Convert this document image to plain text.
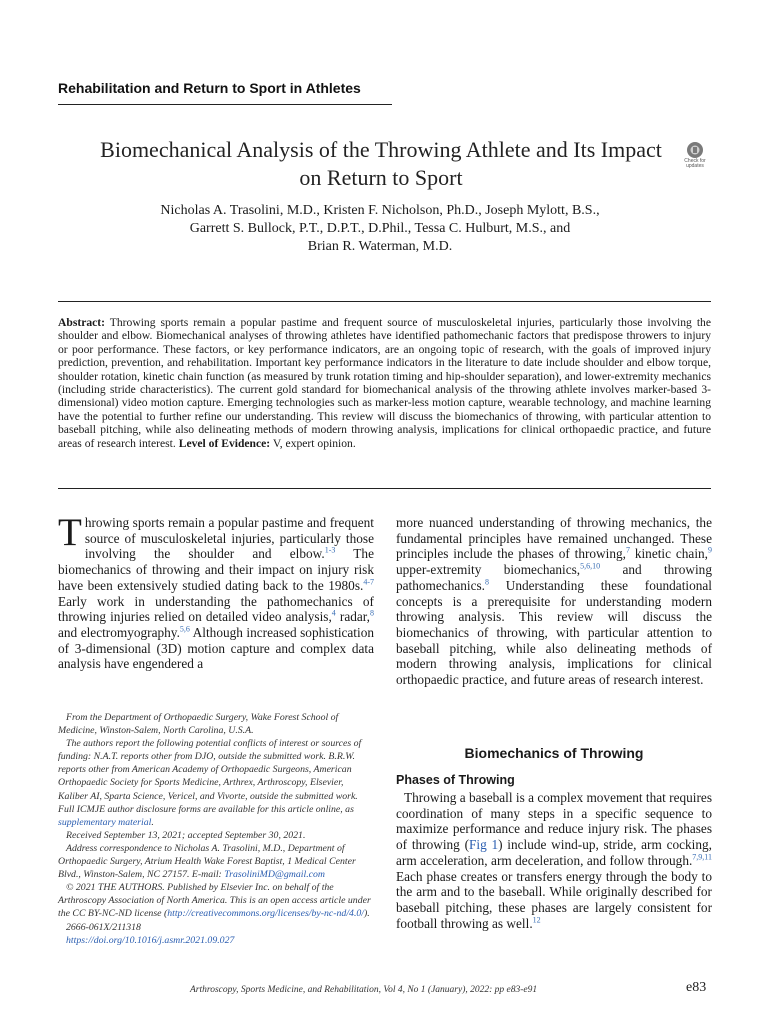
Rehabilitation and Return to Sport in Athletes
Biomechanical Analysis of the Throwing Athlete and Its Impact on Return to Sport
Check for updates
Nicholas A. Trasolini, M.D., Kristen F. Nicholson, Ph.D., Joseph Mylott, B.S.,
Garrett S. Bullock, P.T., D.P.T., D.Phil., Tessa C. Hulburt, M.S., and
Brian R. Waterman, M.D.
Abstract: Throwing sports remain a popular pastime and frequent source of musculoskeletal injuries, particularly those involving the shoulder and elbow. Biomechanical analyses of throwing athletes have identified pathomechanic factors that predispose throwers to injury or poor performance. These factors, or key performance indicators, are an ongoing topic of research, with the goals of improved injury prediction, prevention, and rehabilitation. Important key performance indicators in the literature to date include shoulder and elbow torque, shoulder rotation, kinetic chain function (as measured by trunk rotation timing and hip-shoulder separation), and lower-extremity mechanics (including stride characteristics). The current gold standard for biomechanical analysis of the throwing athlete involves marker-based 3-dimensional) video motion capture. Emerging technologies such as marker-less motion capture, wearable technology, and machine learning have the potential to further refine our understanding. This review will discuss the biomechanics of throwing, with particular attention to baseball pitching, while also delineating methods of modern throwing analysis, implications for clinical orthopaedic practice, and future areas of research interest. Level of Evidence: V, expert opinion.
Throwing sports remain a popular pastime and frequent source of musculoskeletal injuries, particularly those involving the shoulder and elbow.$^{1-3}$ The biomechanics of throwing and their impact on injury risk have been extensively studied dating back to the 1980s.$^{4-7}$ Early work in understanding the pathomechanics of throwing injuries relied on detailed video analysis,$^4$ radar,$^8$ and electromyography.$^{5,6}$ Although increased sophistication of 3-dimensional (3D) motion capture and complex data analysis have engendered a
more nuanced understanding of throwing mechanics, the fundamental principles have remained unchanged. These principles include the phases of throwing,$^7$ kinetic chain,$^9$ upper-extremity biomechanics,$^{5,6,10}$ and throwing pathomechanics.$^8$ Understanding these foundational concepts is a prerequisite for understanding modern throwing analysis. This review will discuss the biomechanics of throwing, with particular attention to baseball pitching, while also delineating methods of modern throwing analysis, implications for clinical orthopaedic practice, and future areas of research interest.

From the Department of Orthopaedic Surgery, Wake Forest School of Medicine, Winston-Salem, North Carolina, U.S.A.

The authors report the following potential conflicts of interest or sources of funding: N.A.T. reports other from DJO, outside the submitted work. B.R.W. reports other from American Academy of Orthopaedic Surgeons, American Orthopaedic Society for Sports Medicine, Arthrex, Arthroscopy, Elsevier, Kaliber AI, Sparta Science, Vericel, and Vivorte, outside the submitted work. Full ICMJE author disclosure forms are available for this article online, as supplementary material.

Received September 13, 2021; accepted September 30, 2021.

Address correspondence to Nicholas A. Trasolini, M.D., Department of Orthopaedic Surgery, Atrium Health Wake Forest Baptist, 1 Medical Center Blvd., Winston-Salem, NC 27157. E-mail: TrasoliniMD@gmail.com

© 2021 THE AUTHORS. Published by Elsevier Inc. on behalf of the Arthroscopy Association of North America. This is an open access article under the CC BY-NC-ND license (http://creativecommons.org/licenses/by-nc-nd/4.0/).

2666-061X/211318

https://doi.org/10.1016/j.asmr.2021.09.027

Biomechanics of Throwing
Phases of Throwing
Throwing a baseball is a complex movement that requires coordination of many steps in a specific sequence to maximize performance and reduce injury risk. The phases of throwing (Fig 1) include wind-up, stride, arm cocking, arm acceleration, arm deceleration, and follow through.$^{7,9,11}$ Each phase creates or transfers energy through the body to the arm and to the baseball. While originally described for baseball pitching, these phases are largely consistent for football throwing as well.$^{12}$
Arthroscopy, Sports Medicine, and Rehabilitation, Vol 4, No 1 (January), 2022: pp e83-e91	e83
